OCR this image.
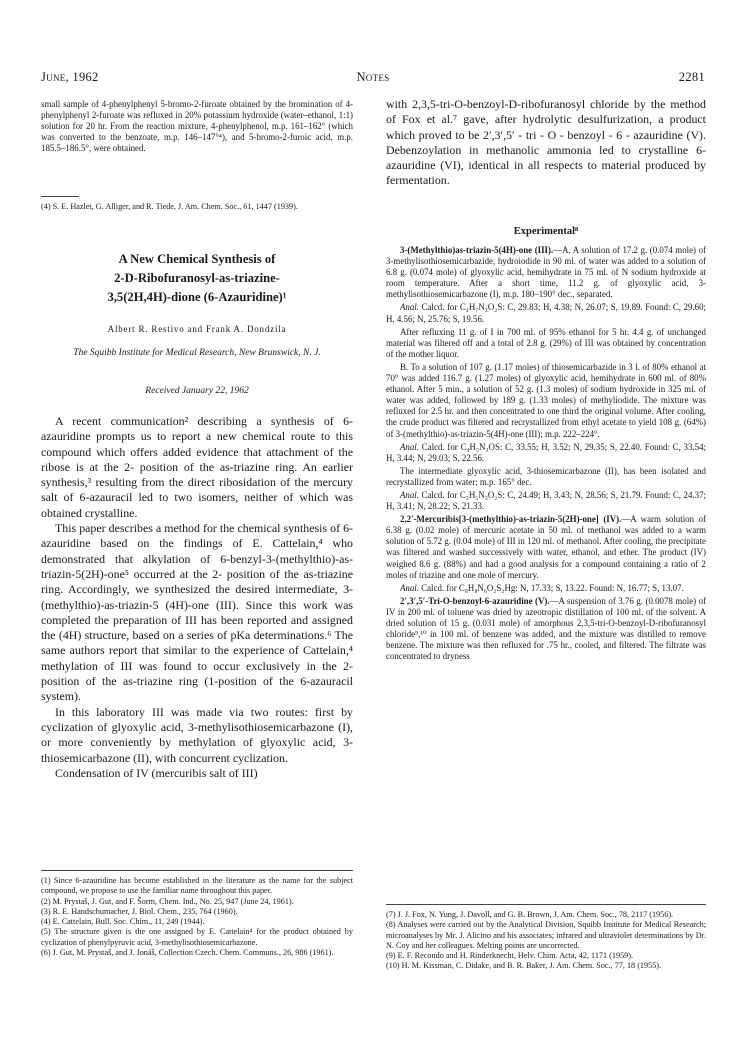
June, 1962	Notes	2281

small sample of 4-phenylphenyl 5-bromo-2-furoate obtained by the bromination of 4-phenylphenyl 2-furoate was refluxed in 20% potassium hydroxide (water–ethanol, 1:1) solution for 20 hr. From the reaction mixture, 4-phenylphenol, m.p. 161–162° (which was converted to the benzoate, m.p. 146–147°⁴), and 5-bromo-2-furoic acid, m.p. 185.5–186.5°, were obtained.

(4) S. E. Hazlet, G. Alliger, and R. Tiede, J. Am. Chem. Soc., 61, 1447 (1939).

A New Chemical Synthesis of

2-D-Ribofuranosyl-as-triazine-

3,5(2H,4H)-dione (6-Azauridine)¹

Albert R. Restivo and Frank A. Dondzila

The Squibb Institute for Medical Research, New Brunswick, N. J.

Received January 22, 1962

A recent communication² describing a synthesis of 6-azauridine prompts us to report a new chemical route to this compound which offers added evidence that attachment of the ribose is at the 2- position of the as-triazine ring. An earlier synthesis,³ resulting from the direct ribosidation of the mercury salt of 6-azauracil led to two isomers, neither of which was obtained crystalline.

This paper describes a method for the chemical synthesis of 6-azauridine based on the findings of E. Cattelain,⁴ who demonstrated that alkylation of 6-benzyl-3-(methylthio)-as-triazin-5(2H)-one⁵ occurred at the 2- position of the as-triazine ring. Accordingly, we synthesized the desired intermediate, 3-(methylthio)-as-triazin-5 (4H)-one (III). Since this work was completed the preparation of III has been reported and assigned the (4H) structure, based on a series of pKa determinations.⁶ The same authors report that similar to the experience of Cattelain,⁴ methylation of III was found to occur exclusively in the 2- position of the as-triazine ring (1-position of the 6-azauracil system).

In this laboratory III was made via two routes: first by cyclization of glyoxylic acid, 3-methylisothiosemicarbazone (I), or more conveniently by methylation of glyoxylic acid, 3-thiosemicarbazone (II), with concurrent cyclization.

Condensation of IV (mercuribis salt of III)

(1) Since 6-azauridine has become established in the literature as the name for the subject compound, we propose to use the familiar name throughout this paper.

(2) M. Prystaš, J. Gut, and F. Šorm, Chem. Ind., No. 25, 947 (June 24, 1961).

(3) R. E. Handschumacher, J. Biol. Chem., 235, 764 (1960).

(4) E. Cattelain, Bull. Soc. Chim., 11, 249 (1944).

(5) The structure given is the one assigned by E. Cattelain⁴ for the product obtained by cyclization of phenylpyruvic acid, 3-methylisothiosemicarbazone.

(6) J. Gut, M. Prystaš, and J. Jonáš, Collection Czech. Chem. Communs., 26, 986 (1961).

with 2,3,5-tri-O-benzoyl-D-ribofuranosyl chloride by the method of Fox et al.⁷ gave, after hydrolytic desulfurization, a product which proved to be 2′,3′,5′ - tri - O - benzoyl - 6 - azauridine (V). Debenzoylation in methanolic ammonia led to crystalline 6-azauridine (VI), identical in all respects to material produced by fermentation.

Experimental⁸

3-(Methylthio)as-triazin-5(4H)-one (III).—A. A solution of 17.2 g. (0.074 mole) of 3-methylisothiosemicarbazide, hydroiodide in 90 ml. of water was added to a solution of 6.8 g. (0.074 mole) of glyoxylic acid, hemihydrate in 75 ml. of N sodium hydroxide at room temperature. After a short time, 11.2 g. of glyoxylic acid, 3-methylisothiosemicarbazone (I), m.p. 180–190° dec., separated.

Anal. Calcd. for C₄H₇N₃O₂S: C, 29.83; H, 4.38; N, 26.07; S, 19.89. Found: C, 29.60; H, 4.56; N, 25.76; S, 19.56.

After refluxing 11 g. of I in 700 ml. of 95% ethanol for 5 hr. 4.4 g. of unchanged material was filtered off and a total of 2.8 g. (29%) of III was obtained by concentration of the mother liquor.

B. To a solution of 107 g. (1.17 moles) of thiosemicarbazide in 3 l. of 80% ethanol at 70° was added 116.7 g. (1.27 moles) of glyoxylic acid, hemihydrate in 600 ml. of 80% ethanol. After 5 min., a solution of 52 g. (1.3 moles) of sodium hydroxide in 325 ml. of water was added, followed by 189 g. (1.33 moles) of methyliodide. The mixture was refluxed for 2.5 hr. and then concentrated to one third the original volume. After cooling, the crude product was filtered and recrystallized from ethyl acetate to yield 108 g. (64%) of 3-(methylthio)-as-triazin-5(4H)-one (III); m.p. 222–224°.

Anal. Calcd. for C₄H₅N₃OS: C, 33.55; H, 3.52; N, 29.35; S, 22.40. Found: C, 33.54; H, 3.44; N, 29.03; S, 22.56.

The intermediate glyoxylic acid, 3-thiosemicarbazone (II), has been isolated and recrystallized from water; m.p. 165° dec.

Anal. Calcd. for C₃H₅N₃O₂S: C, 24.49; H, 3.43; N, 28.56; S, 21.79. Found: C, 24.37; H, 3.41; N, 28.22; S, 21.33.

2,2′-Mercuribis[3-(methylthio)-as-triazin-5(2H)-one] (IV).—A warm solution of 6.38 g. (0.02 mole) of mercuric acetate in 50 ml. of methanol was added to a warm solution of 5.72 g. (0.04 mole) of III in 120 ml. of methanol. After cooling, the precipitate was filtered and washed successively with water, ethanol, and ether. The product (IV) weighed 8.6 g. (88%) and had a good analysis for a compound containing a ratio of 2 moles of triazine and one mole of mercury.

Anal. Calcd. for C₈H₈N₆O₂S₂Hg: N, 17.33; S, 13.22. Found: N, 16.77; S, 13.07.

2′,3′,5′-Tri-O-benzoyl-6-azauridine (V).—A suspension of 3.76 g. (0.0078 mole) of IV in 200 ml. of toluene was dried by azeotropic distillation of 100 ml. of the solvent. A dried solution of 15 g. (0.031 mole) of amorphous 2,3,5-tri-O-benzoyl-D-ribofuranosyl chloride⁹,¹⁰ in 100 ml. of benzene was added, and the mixture was distilled to remove benzene. The mixture was then refluxed for .75 hr., cooled, and filtered. The filtrate was concentrated to dryness

(7) J. J. Fox, N. Yung, J. Davoll, and G. B. Brown, J. Am. Chem. Soc., 78, 2117 (1956).

(8) Analyses were carried out by the Analytical Division, Squibb Institute for Medical Research; microanalyses by Mr. J. Alicino and his associates; infrared and ultraviolet determinations by Dr. N. Coy and her colleagues. Melting points are uncorrected.

(9) E. F. Recondo and H. Rinderknecht, Helv. Chim. Acta, 42, 1171 (1959).

(10) H. M. Kissman, C. Didake, and B. R. Baker, J. Am. Chem. Soc., 77, 18 (1955).
